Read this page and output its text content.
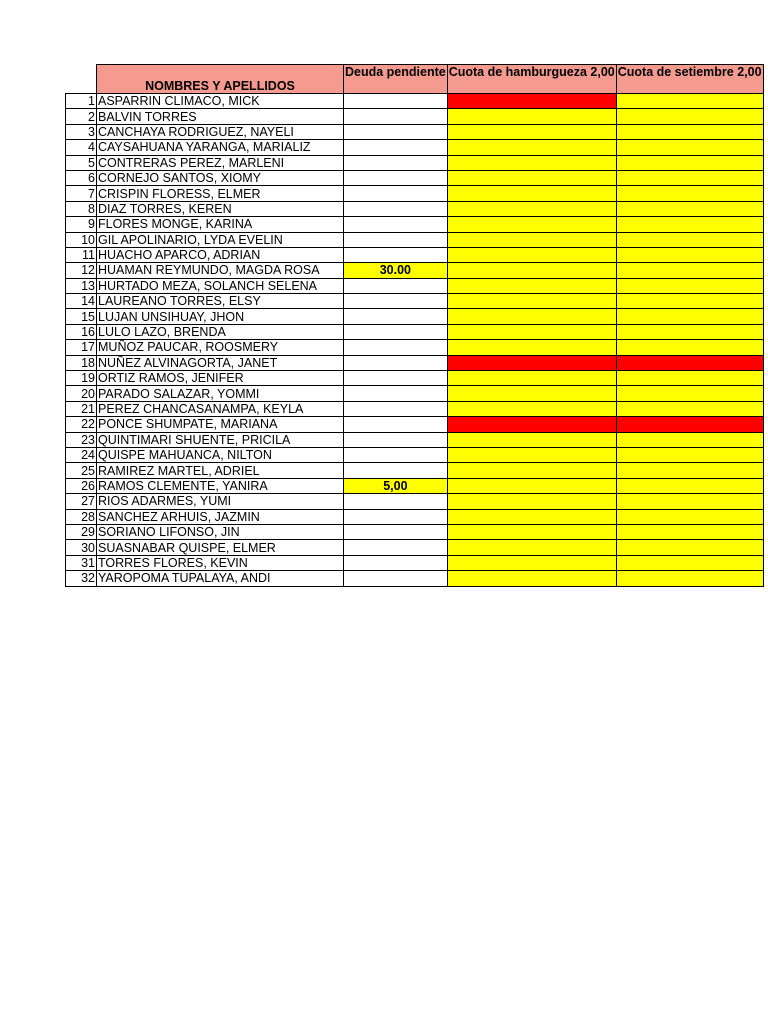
	NOMBRES Y APELLIDOS	Deuda pendiente	Cuota de hamburgueza 2,00	Cuota de setiembre 2,00
1	ASPARRIN CLIMACO, MICK			
2	BALVIN TORRES			
3	CANCHAYA RODRIGUEZ, NAYELI			
4	CAYSAHUANA YARANGA, MARIALIZ			
5	CONTRERAS PEREZ, MARLENI			
6	CORNEJO SANTOS, XIOMY			
7	CRISPIN FLORESS, ELMER			
8	DIAZ TORRES, KEREN			
9	FLORES MONGE, KARINA			
10	GIL APOLINARIO, LYDA EVELIN			
11	HUACHO APARCO, ADRIAN			
12	HUAMAN REYMUNDO, MAGDA ROSA	30.00		
13	HURTADO MEZA, SOLANCH SELENA			
14	LAUREANO TORRES, ELSY			
15	LUJAN UNSIHUAY, JHON			
16	LULO LAZO, BRENDA			
17	MUÑOZ PAUCAR, ROOSMERY			
18	NUÑEZ ALVINAGORTA, JANET			
19	ORTIZ RAMOS, JENIFER			
20	PARADO SALAZAR, YOMMI			
21	PEREZ CHANCASANAMPA, KEYLA			
22	PONCE SHUMPATE, MARIANA			
23	QUINTIMARI SHUENTE, PRICILA			
24	QUISPE MAHUANCA, NILTON			
25	RAMIREZ MARTEL, ADRIEL			
26	RAMOS CLEMENTE, YANIRA	5,00		
27	RIOS ADARMES, YUMI			
28	SANCHEZ ARHUIS, JAZMIN			
29	SORIANO LIFONSO, JIN			
30	SUASNABAR QUISPE, ELMER			
31	TORRES FLORES, KEVIN			
32	YAROPOMA TUPALAYA, ANDI			
